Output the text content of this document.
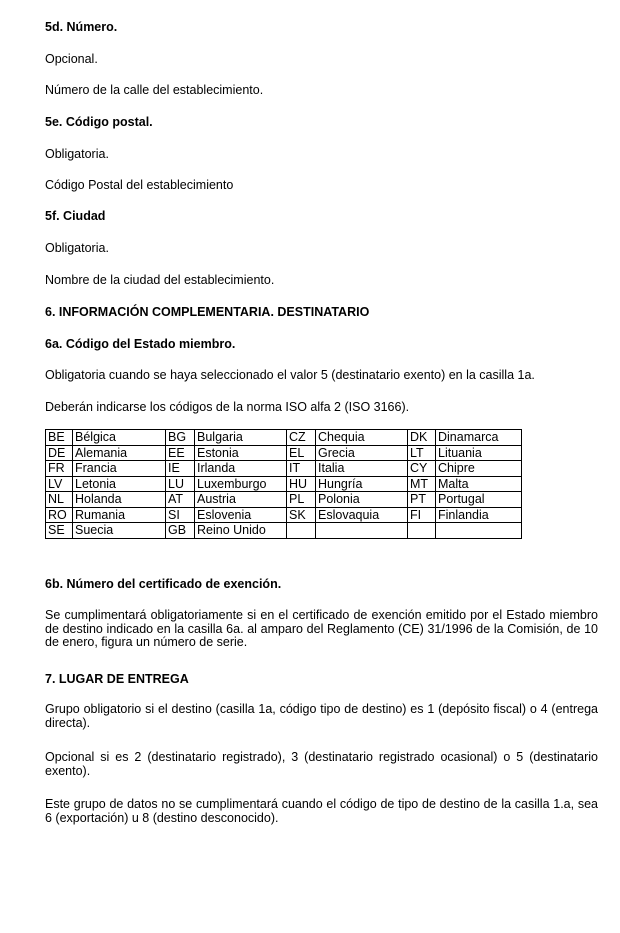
5d. Número.
Opcional.
Número de la calle del establecimiento.
5e. Código postal.
Obligatoria.
Código Postal del establecimiento
5f. Ciudad
Obligatoria.
Nombre de la ciudad del establecimiento.
6. INFORMACIÓN COMPLEMENTARIA. DESTINATARIO
6a. Código del Estado miembro.
Obligatoria cuando se haya seleccionado el valor 5 (destinatario exento) en la casilla 1a.
Deberán indicarse los códigos de la norma ISO alfa 2 (ISO 3166).
BE	Bélgica	BG	Bulgaria	CZ	Chequia	DK	Dinamarca
DE	Alemania	EE	Estonia	EL	Grecia	LT	Lituania
FR	Francia	IE	Irlanda	IT	Italia	CY	Chipre
LV	Letonia	LU	Luxemburgo	HU	Hungría	MT	Malta
NL	Holanda	AT	Austria	PL	Polonia	PT	Portugal
RO	Rumania	SI	Eslovenia	SK	Eslovaquia	FI	Finlandia
SE	Suecia	GB	Reino Unido				
6b. Número del certificado de exención.
Se cumplimentará obligatoriamente si en el certificado de exención emitido por el Estado miembro de destino indicado en la casilla 6a. al amparo del Reglamento (CE) 31/1996 de la Comisión, de 10 de enero, figura un número de serie.
7. LUGAR DE ENTREGA
Grupo obligatorio si el destino (casilla 1a, código tipo de destino) es 1 (depósito fiscal) o 4 (entrega directa).
Opcional si es 2 (destinatario registrado), 3 (destinatario registrado ocasional) o 5 (destinatario exento).
Este grupo de datos no se cumplimentará cuando el código de tipo de destino de la casilla 1.a, sea 6 (exportación) u 8 (destino desconocido).
